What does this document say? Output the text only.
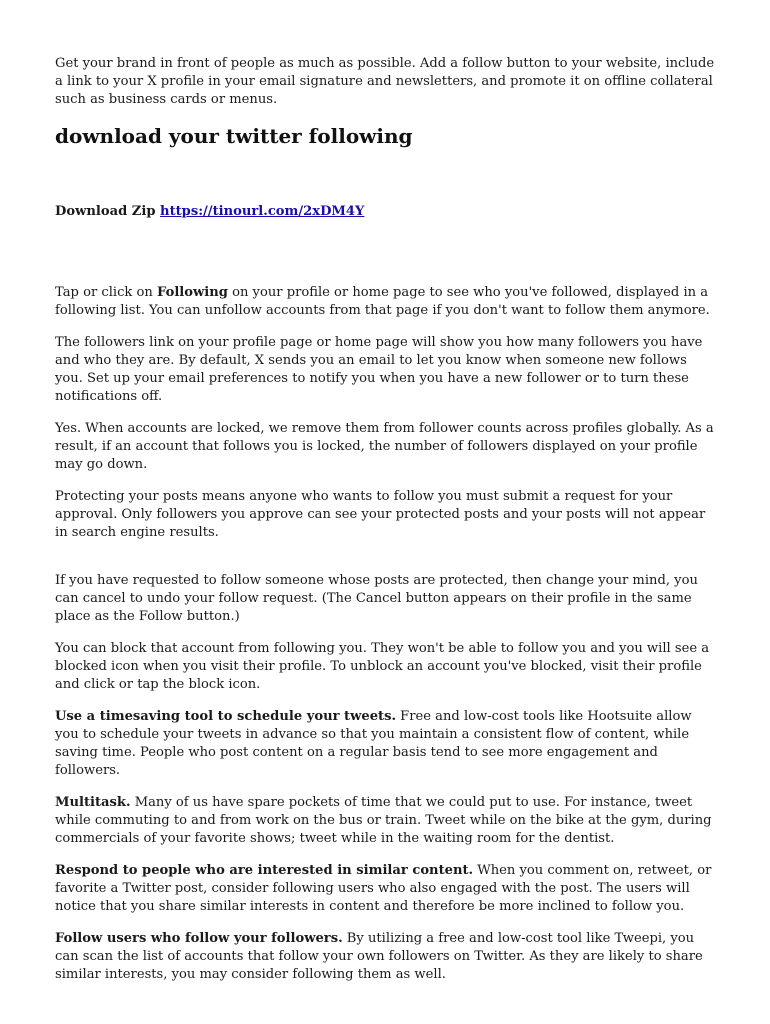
Get your brand in front of people as much as possible. Add a follow button to your website, include a link to your X profile in your email signature and newsletters, and promote it on offline collateral such as business cards or menus.

download your twitter following

Download Zip https://tinourl.com/2xDM4Y

Tap or click on Following on your profile or home page to see who you've followed, displayed in a following list. You can unfollow accounts from that page if you don't want to follow them anymore.

The followers link on your profile page or home page will show you how many followers you have and who they are. By default, X sends you an email to let you know when someone new follows you. Set up your email preferences to notify you when you have a new follower or to turn these notifications off.

Yes. When accounts are locked, we remove them from follower counts across profiles globally. As a result, if an account that follows you is locked, the number of followers displayed on your profile may go down.

Protecting your posts means anyone who wants to follow you must submit a request for your approval. Only followers you approve can see your protected posts and your posts will not appear in search engine results.

If you have requested to follow someone whose posts are protected, then change your mind, you can cancel to undo your follow request. (The Cancel button appears on their profile in the same place as the Follow button.)

You can block that account from following you. They won't be able to follow you and you will see a blocked icon when you visit their profile. To unblock an account you've blocked, visit their profile and click or tap the block icon.

Use a timesaving tool to schedule your tweets. Free and low-cost tools like Hootsuite allow you to schedule your tweets in advance so that you maintain a consistent flow of content, while saving time. People who post content on a regular basis tend to see more engagement and followers.

Multitask. Many of us have spare pockets of time that we could put to use. For instance, tweet while commuting to and from work on the bus or train. Tweet while on the bike at the gym, during commercials of your favorite shows; tweet while in the waiting room for the dentist.

Respond to people who are interested in similar content. When you comment on, retweet, or favorite a Twitter post, consider following users who also engaged with the post. The users will notice that you share similar interests in content and therefore be more inclined to follow you.

Follow users who follow your followers. By utilizing a free and low-cost tool like Tweepi, you can scan the list of accounts that follow your own followers on Twitter. As they are likely to share similar interests, you may consider following them as well.
